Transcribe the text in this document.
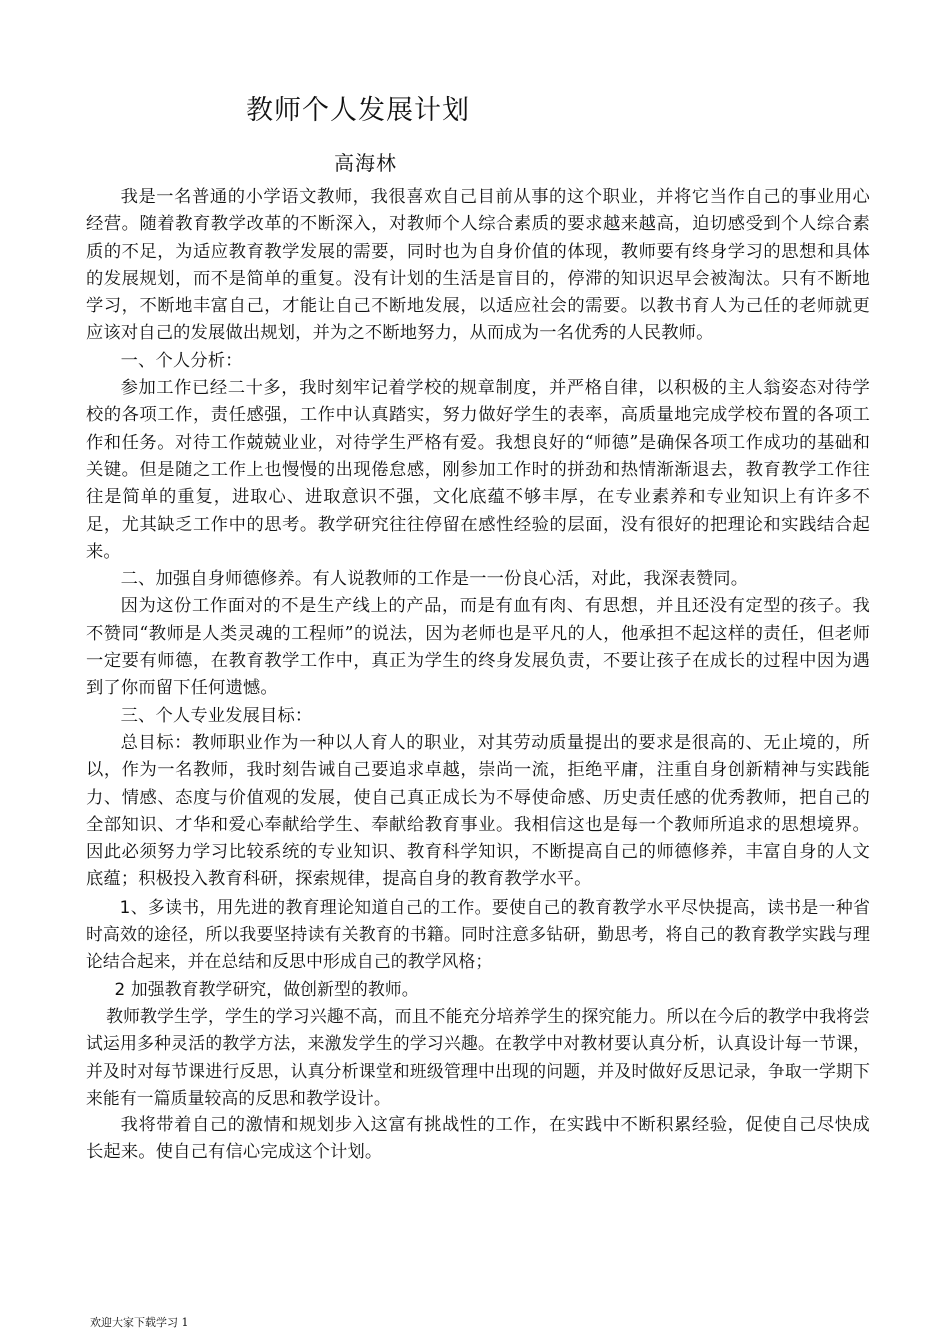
教师个人发展计划
高海林

我是一名普通的小学语文教师，我很喜欢自己目前从事的这个职业，并将它当作自己的事业用心经营。随着教育教学改革的不断深入，对教师个人综合素质的要求越来越高，迫切感受到个人综合素质的不足，为适应教育教学发展的需要，同时也为自身价值的体现，教师要有终身学习的思想和具体的发展规划，而不是简单的重复。没有计划的生活是盲目的，停滞的知识迟早会被淘汰。只有不断地学习，不断地丰富自己，才能让自己不断地发展，以适应社会的需要。以教书育人为己任的老师就更应该对自己的发展做出规划，并为之不断地努力，从而成为一名优秀的人民教师。

一、个人分析：

参加工作已经二十多，我时刻牢记着学校的规章制度，并严格自律，以积极的主人翁姿态对待学校的各项工作，责任感强，工作中认真踏实，努力做好学生的表率，高质量地完成学校布置的各项工作和任务。对待工作兢兢业业，对待学生严格有爱。我想良好的“师德”是确保各项工作成功的基础和关键。但是随之工作上也慢慢的出现倦怠感，刚参加工作时的拼劲和热情渐渐退去，教育教学工作往往是简单的重复，进取心、进取意识不强，文化底蕴不够丰厚，在专业素养和专业知识上有许多不足，尤其缺乏工作中的思考。教学研究往往停留在感性经验的层面，没有很好的把理论和实践结合起来。

二、加强自身师德修养。有人说教师的工作是一一份良心活，对此，我深表赞同。

因为这份工作面对的不是生产线上的产品，而是有血有肉、有思想，并且还没有定型的孩子。我不赞同“教师是人类灵魂的工程师”的说法，因为老师也是平凡的人，他承担不起这样的责任，但老师一定要有师德，在教育教学工作中，真正为学生的终身发展负责，不要让孩子在成长的过程中因为遇到了你而留下任何遗憾。

三、个人专业发展目标：

总目标：教师职业作为一种以人育人的职业，对其劳动质量提出的要求是很高的、无止境的，所以，作为一名教师，我时刻告诫自己要追求卓越，崇尚一流，拒绝平庸，注重自身创新精神与实践能力、情感、态度与价值观的发展，使自己真正成长为不辱使命感、历史责任感的优秀教师，把自己的全部知识、才华和爱心奉献给学生、奉献给教育事业。我相信这也是每一个教师所追求的思想境界。因此必须努力学习比较系统的专业知识、教育科学知识，不断提高自己的师德修养，丰富自身的人文底蕴；积极投入教育科研，探索规律，提高自身的教育教学水平。

1、多读书，用先进的教育理论知道自己的工作。要使自己的教育教学水平尽快提高，读书是一种省时高效的途径，所以我要坚持读有关教育的书籍。同时注意多钻研，勤思考，将自己的教育教学实践与理论结合起来，并在总结和反思中形成自己的教学风格；

2 加强教育教学研究，做创新型的教师。

教师教学生学，学生的学习兴趣不高，而且不能充分培养学生的探究能力。所以在今后的教学中我将尝试运用多种灵活的教学方法，来激发学生的学习兴趣。在教学中对教材要认真分析，认真设计每一节课，并及时对每节课进行反思，认真分析课堂和班级管理中出现的问题，并及时做好反思记录，争取一学期下来能有一篇质量较高的反思和教学设计。

我将带着自己的激情和规划步入这富有挑战性的工作，在实践中不断积累经验，促使自己尽快成长起来。使自己有信心完成这个计划。

欢迎大家下载学习 1
